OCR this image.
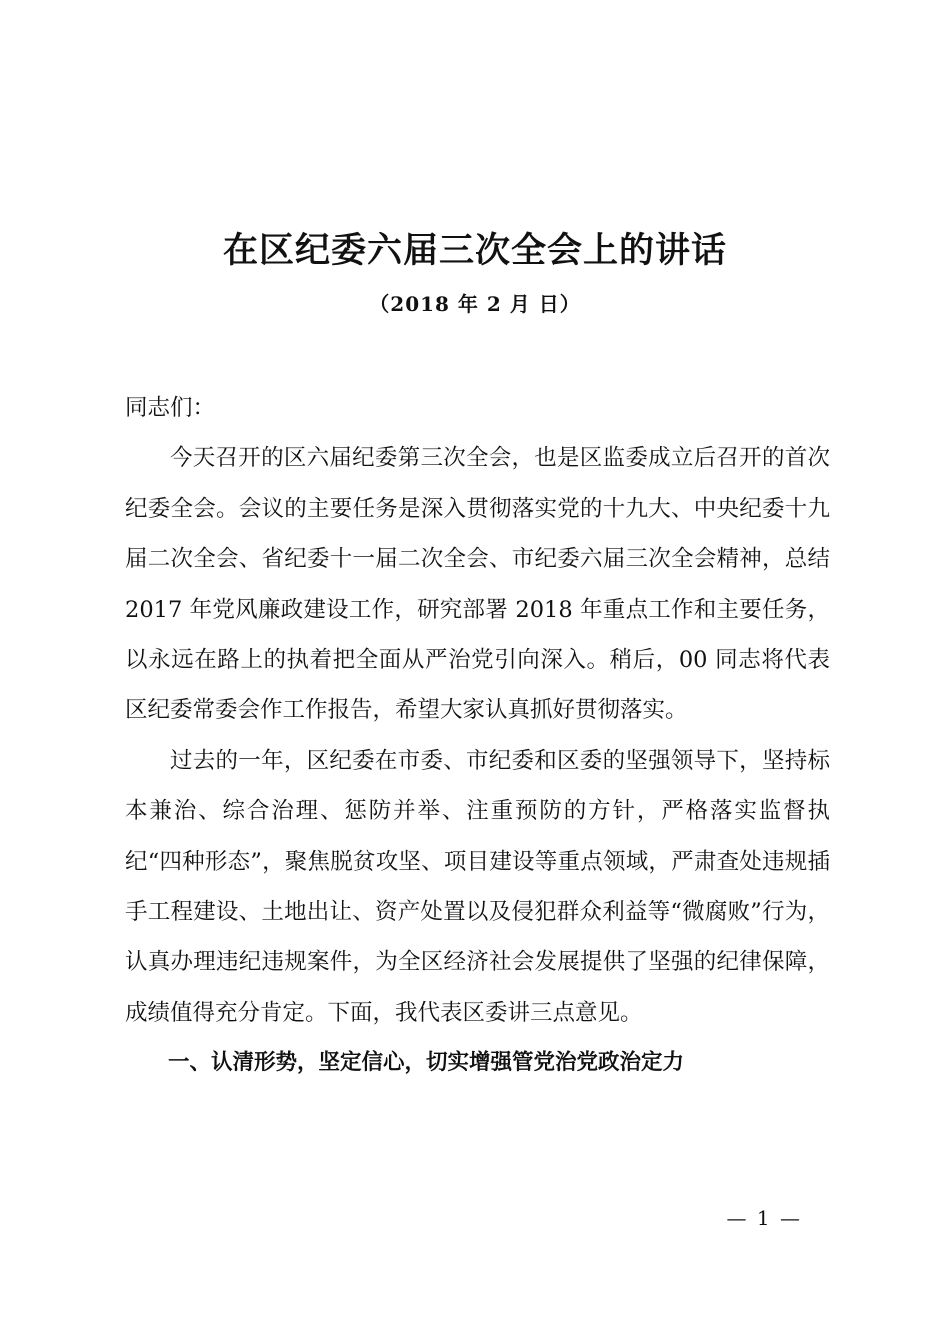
在区纪委六届三次全会上的讲话
（2018 年 2 月 日）

同志们：

今天召开的区六届纪委第三次全会，也是区监委成立后召开的首次纪委全会。会议的主要任务是深入贯彻落实党的十九大、中央纪委十九届二次全会、省纪委十一届二次全会、市纪委六届三次全会精神，总结 2017 年党风廉政建设工作，研究部署 2018 年重点工作和主要任务，以永远在路上的执着把全面从严治党引向深入。稍后，00 同志将代表区纪委常委会作工作报告，希望大家认真抓好贯彻落实。

过去的一年，区纪委在市委、市纪委和区委的坚强领导下，坚持标本兼治、综合治理、惩防并举、注重预防的方针，严格落实监督执纪“四种形态”，聚焦脱贫攻坚、项目建设等重点领域，严肃查处违规插手工程建设、土地出让、资产处置以及侵犯群众利益等“微腐败”行为，认真办理违纪违规案件，为全区经济社会发展提供了坚强的纪律保障，成绩值得充分肯定。下面，我代表区委讲三点意见。

一、认清形势，坚定信心，切实增强管党治党政治定力

— 1 —
